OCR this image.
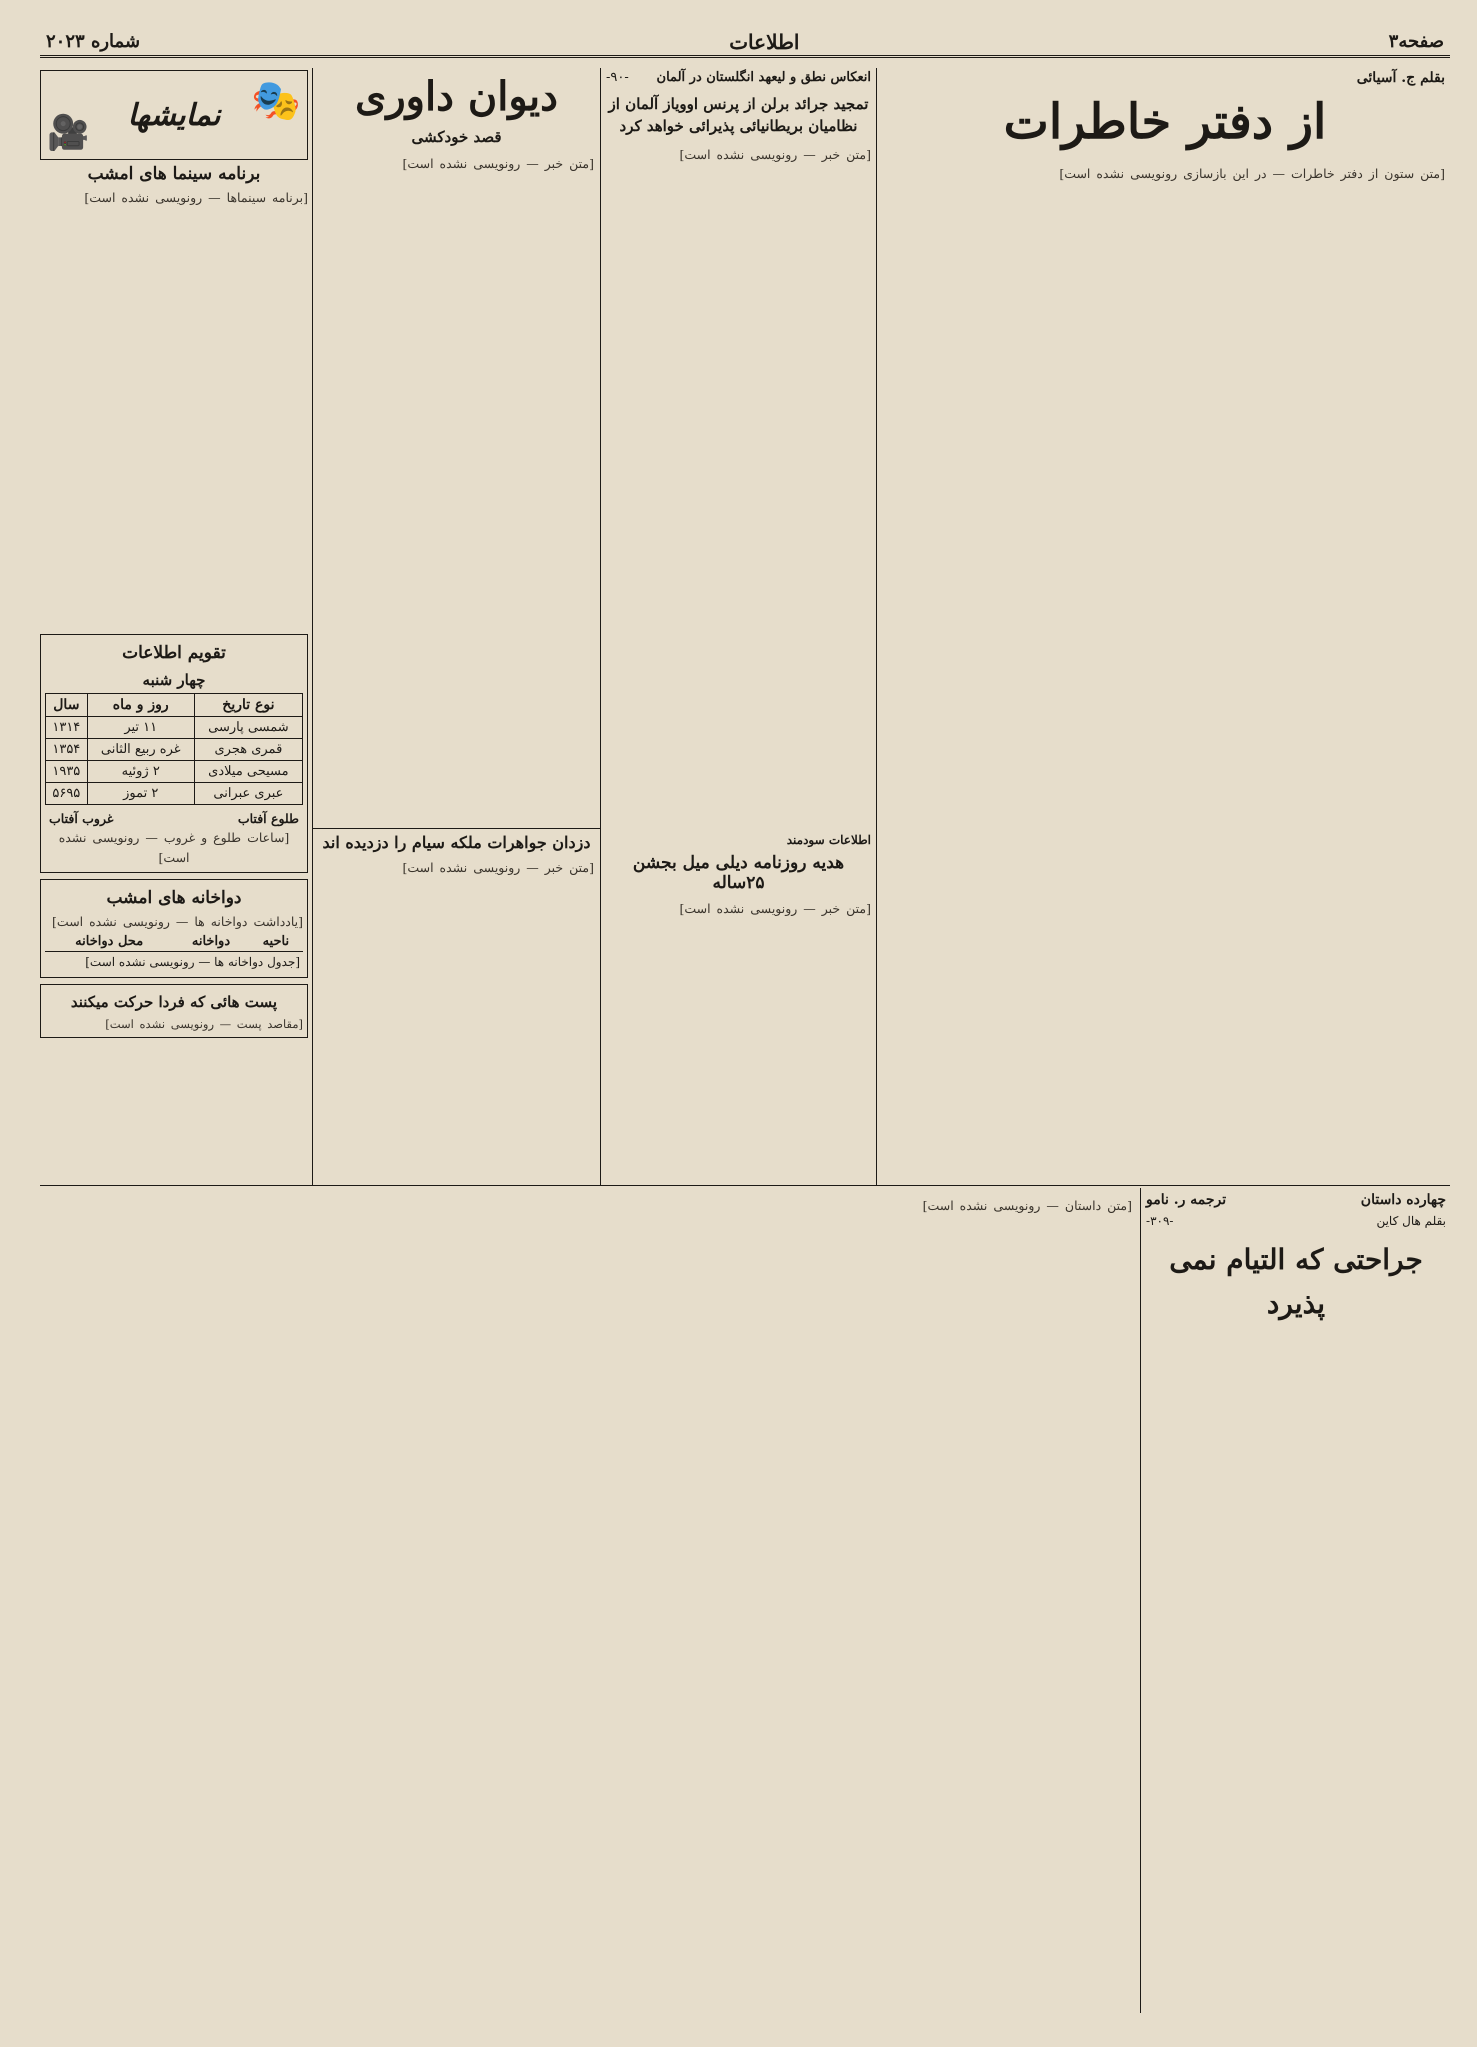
صفحه۳
اطلاعات
شماره ۲۰۲۳
بقلم ج. آسیائی
از دفتر خاطرات
[متن ستون از دفتر خاطرات — در این بازسازی رونویسی نشده است]
انعکاس نطق و لیعهد انگلستان در آلمان
-۹۰-
تمجید جرائد برلن از پرنس اوویاز آلمان از نظامیان بریطانیائی پذیرائی خواهد کرد
[متن خبر — رونویسی نشده است]
دیوان داوری
قصد خودکشی
[متن خبر — رونویسی نشده است]
اطلاعات سودمند
هدیه روزنامه دیلی میل بجشن ۲۵ساله
[متن خبر — رونویسی نشده است]
دزدان جواهرات ملکه سیام را دزدیده اند
[متن خبر — رونویسی نشده است]
🎭
نمایشها
🎥
برنامه سینما های امشب
[برنامه سینماها — رونویسی نشده است]
تقویم اطلاعات
چهار شنبه
نوع تاریخ	روز و ماه	سال
شمسی پارسی	۱۱ تیر	۱۳۱۴
قمری هجری	غره ربیع الثانی	۱۳۵۴
مسیحی میلادی	۲ ژوئیه	۱۹۳۵
عبری عبرانی	۲ تموز	۵۶۹۵
طلوع آفتاب
غروب آفتاب
[ساعات طلوع و غروب — رونویسی نشده است]
دواخانه های امشب
[یادداشت دواخانه ها — رونویسی نشده است]
ناحیه	دواخانه	محل دواخانه
[جدول دواخانه ها — رونویسی نشده است]
پست هائی که فردا حرکت میکنند
[مقاصد پست — رونویسی نشده است]
چهارده داستان
ترجمه ر. نامو
بقلم هال کاین
-۳۰۹-
جراحتی که التیام نمی پذیرد
[متن داستان — رونویسی نشده است]
